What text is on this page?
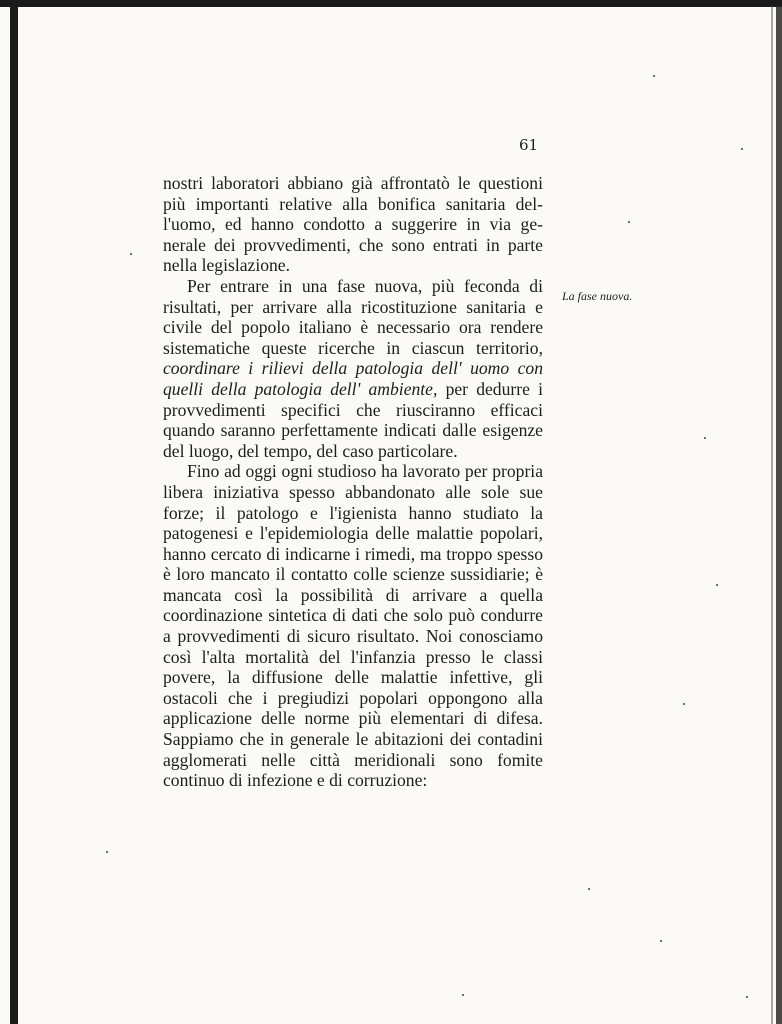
61
La fase nuova.

nostri laboratori abbiano già affrontatò le questioni

più importanti relative alla bonifica sanitaria del-

l'uomo, ed hanno condotto a suggerire in via ge-

nerale dei provvedimenti, che sono entrati in parte

nella legislazione.

Per entrare in una fase nuova, più feconda di risultati, per arrivare alla ricostituzione sanitaria e civile del popolo italiano è necessario ora rendere sistematiche queste ricerche in ciascun territorio, coordinare i rilievi della patologia dell' uomo con quelli della patologia dell' ambiente, per dedurre i provvedimenti specifici che riusciranno efficaci quando saranno perfettamente indicati dalle esigenze del luogo, del tempo, del caso particolare.

Fino ad oggi ogni studioso ha lavorato per propria libera iniziativa spesso abbandonato alle sole sue forze; il patologo e l'igienista hanno studiato la patogenesi e l'epidemiologia delle malattie popolari, hanno cercato di indicarne i rimedi, ma troppo spesso è loro mancato il contatto colle scienze sussidiarie; è mancata così la possibilità di arrivare a quella coordinazione sintetica di dati che solo può condurre a provvedimenti di sicuro risultato. Noi conosciamo così l'alta mortalità del l'infanzia presso le classi povere, la diffusione delle malattie infettive, gli ostacoli che i pregiudizi popolari oppongono alla applicazione delle norme più elementari di difesa. Sappiamo che in generale le abitazioni dei contadini agglomerati nelle città meridionali sono fomite continuo di infezione e di corruzione:
